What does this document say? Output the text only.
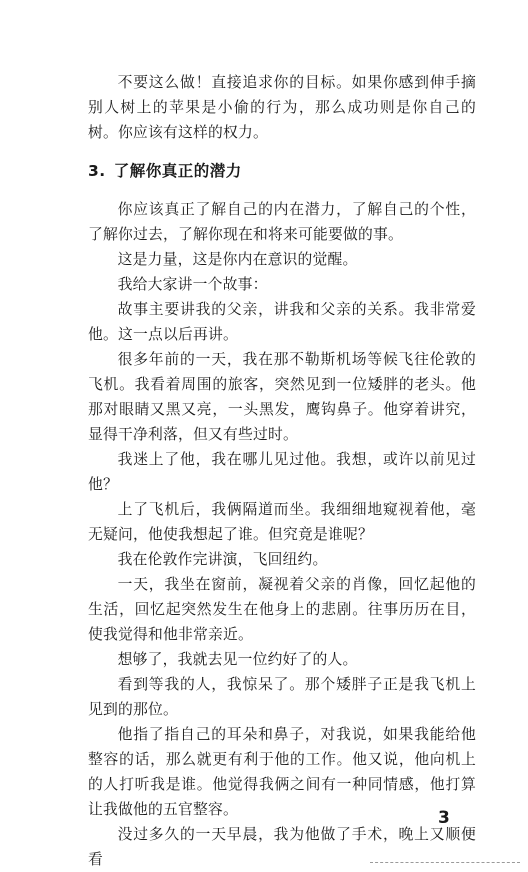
不要这么做！直接追求你的目标。如果你感到伸手摘别人树上的苹果是小偷的行为，那么成功则是你自己的树。你应该有这样的权力。

3. 了解你真正的潜力

你应该真正了解自己的内在潜力，了解自己的个性，了解你过去，了解你现在和将来可能要做的事。

这是力量，这是你内在意识的觉醒。

我给大家讲一个故事：

故事主要讲我的父亲，讲我和父亲的关系。我非常爱他。这一点以后再讲。

很多年前的一天，我在那不勒斯机场等候飞往伦敦的飞机。我看着周围的旅客，突然见到一位矮胖的老头。他那对眼睛又黑又亮，一头黑发，鹰钩鼻子。他穿着讲究，显得干净利落，但又有些过时。

我迷上了他，我在哪儿见过他。我想，或许以前见过他？

上了飞机后，我俩隔道而坐。我细细地窥视着他，毫无疑问，他使我想起了谁。但究竟是谁呢？

我在伦敦作完讲演，飞回纽约。

一天，我坐在窗前，凝视着父亲的肖像，回忆起他的生活，回忆起突然发生在他身上的悲剧。往事历历在目，使我觉得和他非常亲近。

想够了，我就去见一位约好了的人。

看到等我的人，我惊呆了。那个矮胖子正是我飞机上见到的那位。

他指了指自己的耳朵和鼻子，对我说，如果我能给他整容的话，那么就更有利于他的工作。他又说，他向机上的人打听我是谁。他觉得我俩之间有一种同情感，他打算让我做他的五官整容。

没过多久的一天早晨，我为他做了手术，晚上又顺便看

3
